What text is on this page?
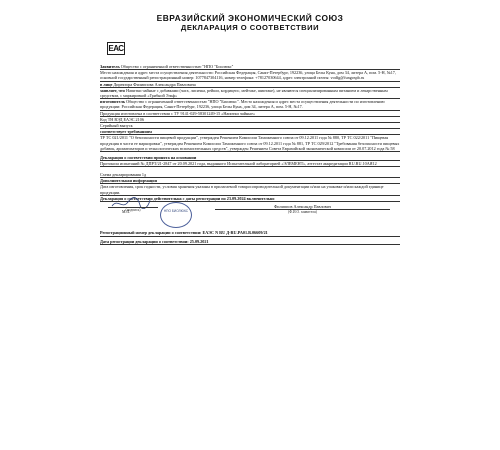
ЕВРАЗИЙСКИЙ ЭКОНОМИЧЕСКИЙ СОЮЗ
ДЕКЛАРАЦИЯ О СООТВЕТСТВИИ
ЕАС
Заявитель Общество с ограниченной ответственностью "НПО "Биолюкс"
Место нахождения и адрес места осуществления деятельности: Российская Федерация, Санкт-Петербург, 192236, улица Белы Куна, дом 34, литера А, пом. 5-Н, №17, основной государственный регистрационный номер: 1077847304116, номер телефона: +78127030644, адрес электронной почты: vodfg@fungospb.ru
в лице Директора Филиппова Александра Павловича
заявляет, что Напитки чайные с добавками (чага, лисичка, рейши, кордицепс, мейтаке, шиитаке), не являются специализированным питанием и лекарственным средством, с маркировкой «Грибной Эльф»
изготовитель Общество с ограниченной ответственностью "НПО "Биолюкс". Место нахождения и адрес места осуществления деятельности по изготовлению продукции: Российская Федерация, Санкт-Петербург, 192236, улица Белы Куна, дом 34, литера А, пом. 5-Н, №17.
Продукция изготовлена в соответствии с ТУ 9141-029-58301249-15 «Напитки чайные»
Код ТН ВЭД ЕАЭС 2106
Серийный выпуск
соответствует требованиям
ТР ТС 021/2011 "О безопасности пищевой продукции", утвержден Решением Комиссии Таможенного союза от 09.12.2011 года № 880, ТР ТС 022/2011 "Пищевая продукция в части ее маркировки", утвержден Решением Комиссии Таможенного союза от 09.12.2011 года № 881, ТР ТС 029/2012 "Требования безопасности пищевых добавок, ароматизаторов и технологических вспомогательных средств", утвержден Решением Совета Евразийской экономической комиссии от 20.07.2012 года № 58
Декларация о соответствии принята на основании
Протокола испытаний № ДПРТ/21-2847 от 20.09.2021 года, выданного Испытательной лабораторией «ЭЛЕМЕНТ», аттестат аккредитации RU.RU.10АЯ12
Схема декларирования 1д
Дополнительная информация
Дата изготовления, срок годности, условия хранения указаны в прилагаемой товаросопроводительной документации и/или на упаковке и/или каждой единице продукции.
Декларация о соответствии действительна с даты регистрации по 23.09.2024 включительно
(подпись)
М.П.	НПО БИОЛЮКС
Филиппов Александр Павлович
(Ф.И.О. заявителя)
Регистрационный номер декларации о соответствии: ЕАЭС N RU Д-RU.PA01.B.06609/21
Дата регистрации декларации о соответствии: 25.09.2021
